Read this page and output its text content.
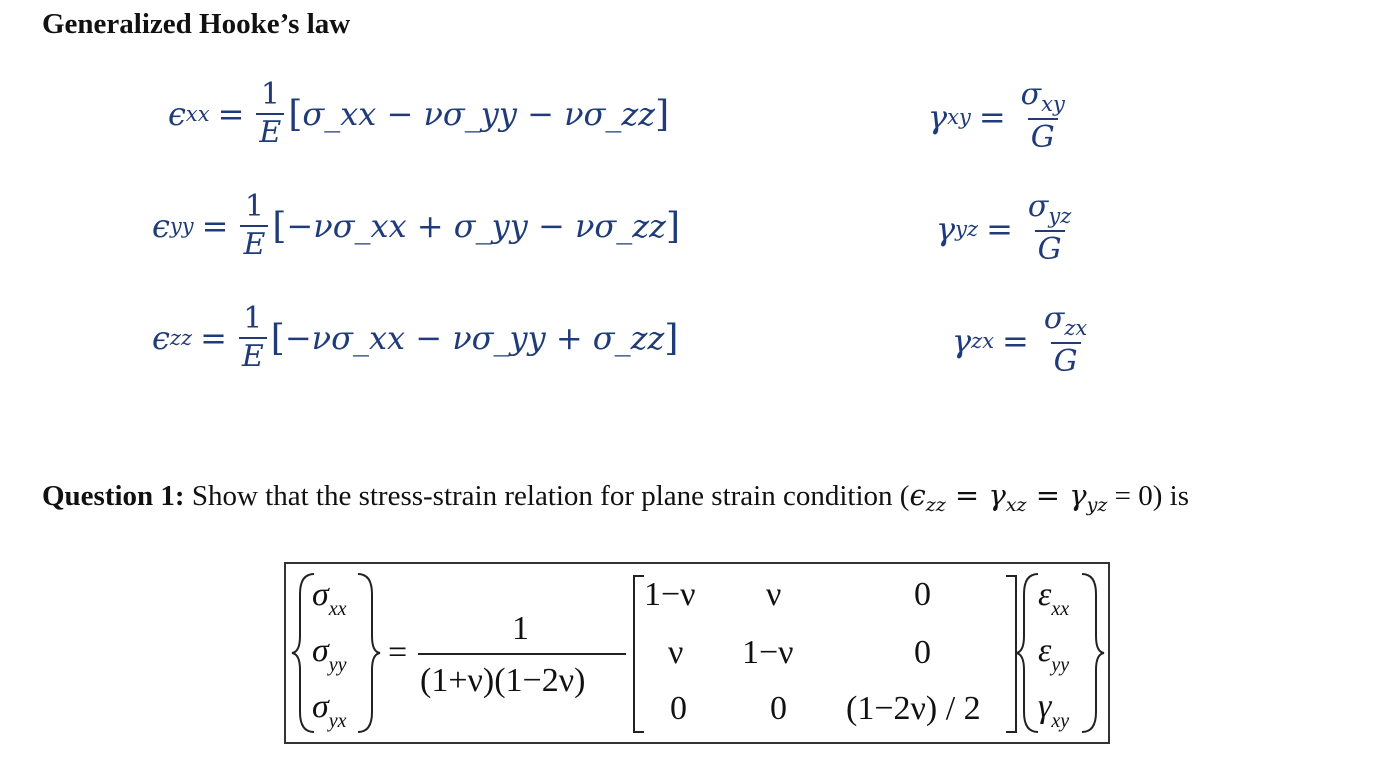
Generalized Hooke’s law
ϵ xx = $\frac{1}{E}$ [ σ_xx − νσ_yy − νσ_zz ]
ϵ yy = $\frac{1}{E}$ [ −νσ_xx + σ_yy − νσ_zz ]
ϵ zz = $\frac{1}{E}$ [ −νσ_xx − νσ_yy + σ_zz ]
γ xy = $\frac{\sigma_{xy}}{G}$
γ yz = $\frac{\sigma_{yz}}{G}$
γ zx = $\frac{\sigma_{zx}}{G}$
Question 1: Show that the stress-strain relation for plane strain condition $(\epsilon_{zz} = \gamma_{xz} = \gamma_{yz} = 0)$ is
$\sigma_{xx}$
$\sigma_{yy}$
$\sigma_{yx}$
=
1
(1+ν)(1−2ν)
1−ν ν	0
ν 1−ν	0
0 0 (1−2ν) / 2
$\varepsilon_{xx}$
$\varepsilon_{yy}$
$\gamma_{xy}$
